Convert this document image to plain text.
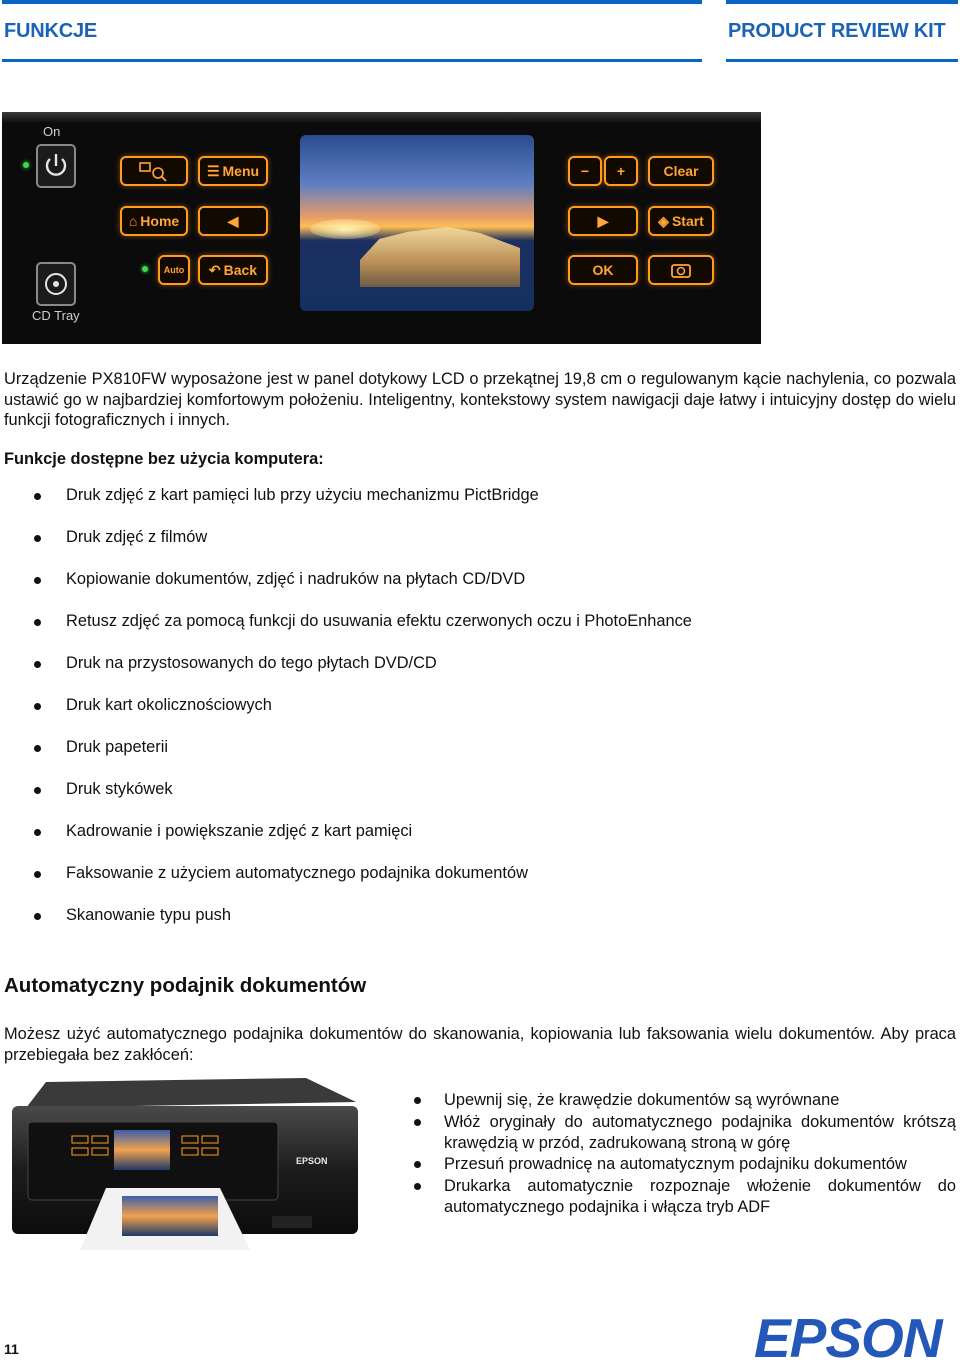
FUNKCJE	PRODUCT REVIEW KIT
On
CD Tray
☰ Menu
⌂ Home	◀
Auto	↶ Back
−	+	Clear
▶	◈ Start
OK
Urządzenie PX810FW wyposażone jest w panel dotykowy LCD o przekątnej 19,8 cm o regulowanym kącie nachylenia, co pozwala ustawić go w najbardziej komfortowym położeniu. Inteligentny, kontekstowy system nawigacji daje łatwy i intuicyjny dostęp do wielu funkcji fotograficznych i innych.
Funkcje dostępne bez użycia komputera:
Druk zdjęć z kart pamięci lub przy użyciu mechanizmu PictBridge
Druk zdjęć z filmów
Kopiowanie dokumentów, zdjęć i nadruków na płytach CD/DVD
Retusz zdjęć za pomocą funkcji do usuwania efektu czerwonych oczu i PhotoEnhance
Druk na przystosowanych do tego płytach DVD/CD
Druk kart okolicznościowych
Druk papeterii
Druk stykówek
Kadrowanie i powiększanie zdjęć z kart pamięci
Faksowanie z użyciem automatycznego podajnika dokumentów
Skanowanie typu push
Automatyczny podajnik dokumentów
Możesz użyć automatycznego podajnika dokumentów do skanowania, kopiowania lub faksowania wielu dokumentów. Aby praca przebiegała bez zakłóceń:
EPSON
Upewnij się, że krawędzie dokumentów są wyrównane
Włóż oryginały do automatycznego podajnika dokumentów krótszą krawędzią w przód, zadrukowaną stroną w górę
Przesuń prowadnicę na automatycznym podajniku dokumentów
Drukarka automatycznie rozpoznaje włożenie dokumentów do automatycznego podajnika i włącza tryb ADF
11	EPSON
